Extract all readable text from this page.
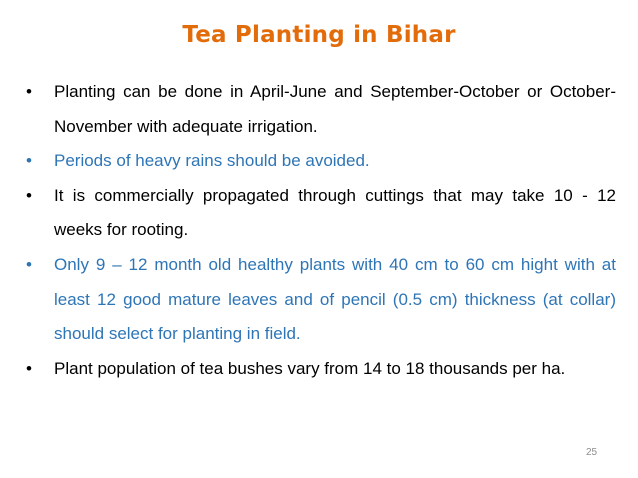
Tea Planting in Bihar
•	Planting can be done in April-June and September-October or October-November with adequate irrigation.
•	Periods of heavy rains should be avoided.
•	It is commercially propagated through cuttings that may take 10 - 12 weeks for rooting.
•	Only 9 – 12 month old healthy plants with 40 cm to 60 cm hight with at least 12 good mature leaves and of pencil (0.5 cm) thickness (at collar) should select for planting in field.
•	Plant population of tea bushes vary from 14 to 18 thousands per ha.
25
